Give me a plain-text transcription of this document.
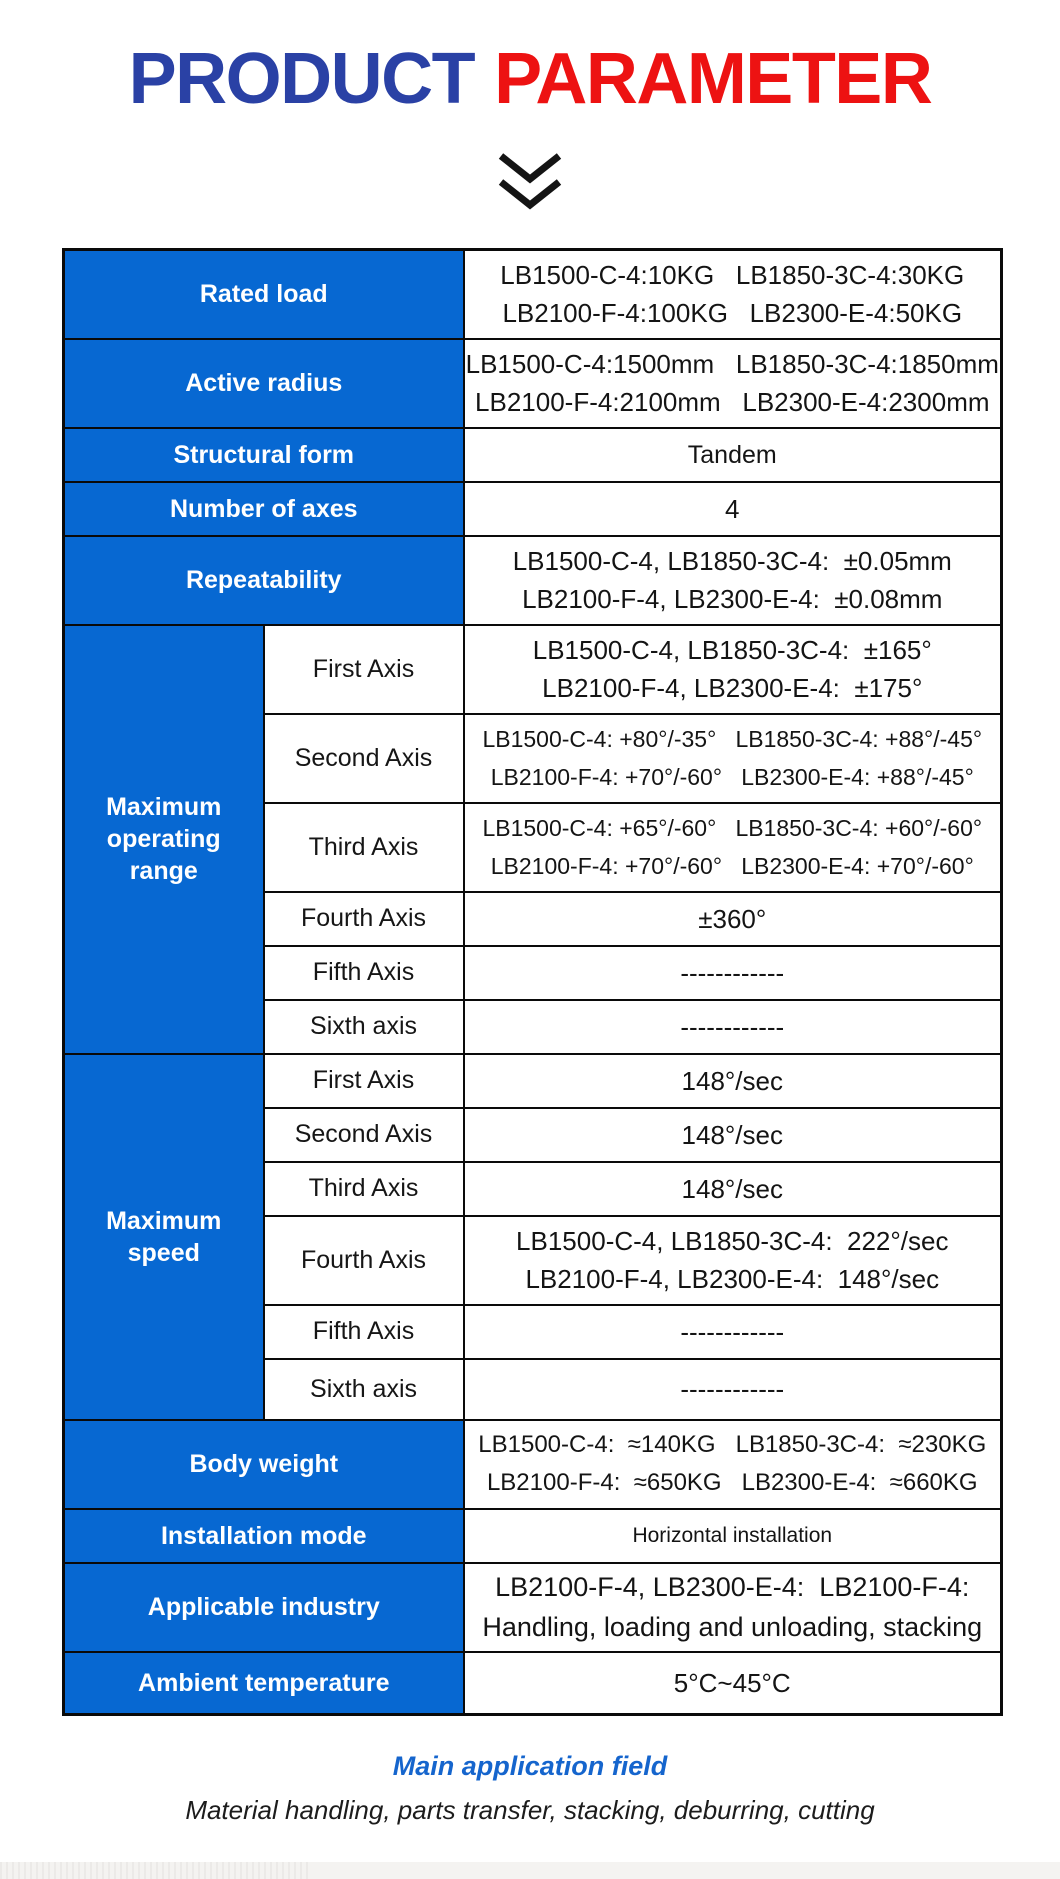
PRODUCT PARAMETER
Rated load		LB1500-C-4:10KG   LB1850-3C-4:30KG
LB2100-F-4:100KG   LB2300-E-4:50KG

Active radius		LB1500-C-4:1500mm   LB1850-3C-4:1850mm
LB2100-F-4:2100mm   LB2300-E-4:2300mm

Structural form		Tandem

Number of axes		4

Repeatability		LB1500-C-4, LB1850-3C-4:  ±0.05mm
LB2100-F-4, LB2300-E-4:  ±0.08mm

Maximum operating range	First Axis	LB1500-C-4, LB1850-3C-4:  ±165°
LB2100-F-4, LB2300-E-4:  ±175°

	Second Axis	LB1500-C-4: +80°/-35°   LB1850-3C-4: +88°/-45°
LB2100-F-4: +70°/-60°   LB2300-E-4: +88°/-45°

	Third Axis	LB1500-C-4: +65°/-60°   LB1850-3C-4: +60°/-60°
LB2100-F-4: +70°/-60°   LB2300-E-4: +70°/-60°

	Fourth Axis	±360°

	Fifth Axis	------------

	Sixth axis	------------

Maximum speed	First Axis	148°/sec

	Second Axis	148°/sec

	Third Axis	148°/sec

	Fourth Axis	LB1500-C-4, LB1850-3C-4:  222°/sec
LB2100-F-4, LB2300-E-4:  148°/sec

	Fifth Axis	------------

	Sixth axis	------------

Body weight		LB1500-C-4:  ≈140KG   LB1850-3C-4:  ≈230KG
LB2100-F-4:  ≈650KG   LB2300-E-4:  ≈660KG

Installation mode		Horizontal installation

Applicable industry		LB2100-F-4, LB2300-E-4:  LB2100-F-4:
Handling, loading and unloading, stacking

Ambient temperature		5°C~45°C
Main application field
Material handling, parts transfer, stacking, deburring, cutting
